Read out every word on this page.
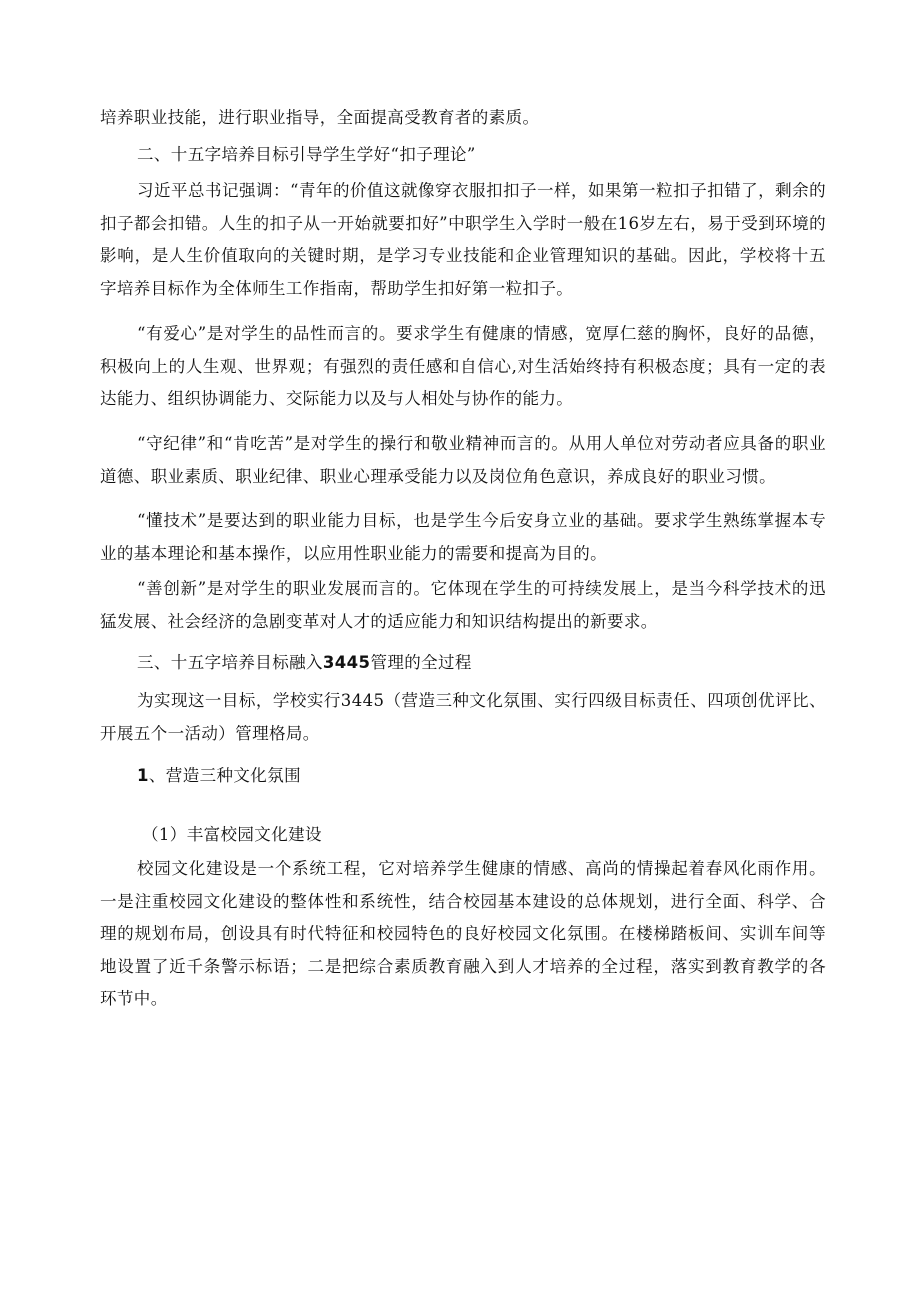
培养职业技能，进行职业指导，全面提高受教育者的素质。

二、十五字培养目标引导学生学好“扣子理论”

习近平总书记强调：“青年的价值这就像穿衣服扣扣子一样，如果第一粒扣子扣错了，剩余的扣子都会扣错。人生的扣子从一开始就要扣好”中职学生入学时一般在16岁左右，易于受到环境的影响，是人生价值取向的关键时期，是学习专业技能和企业管理知识的基础。因此，学校将十五字培养目标作为全体师生工作指南，帮助学生扣好第一粒扣子。

“有爱心”是对学生的品性而言的。要求学生有健康的情感，宽厚仁慈的胸怀，良好的品德，积极向上的人生观、世界观；有强烈的责任感和自信心,对生活始终持有积极态度；具有一定的表达能力、组织协调能力、交际能力以及与人相处与协作的能力。

“守纪律”和“肯吃苦”是对学生的操行和敬业精神而言的。从用人单位对劳动者应具备的职业道德、职业素质、职业纪律、职业心理承受能力以及岗位角色意识，养成良好的职业习惯。

“懂技术”是要达到的职业能力目标，也是学生今后安身立业的基础。要求学生熟练掌握本专业的基本理论和基本操作，以应用性职业能力的需要和提高为目的。

“善创新”是对学生的职业发展而言的。它体现在学生的可持续发展上，是当今科学技术的迅猛发展、社会经济的急剧变革对人才的适应能力和知识结构提出的新要求。

三、十五字培养目标融入3445管理的全过程

为实现这一目标，学校实行3445（营造三种文化氛围、实行四级目标责任、四项创优评比、开展五个一活动）管理格局。

1、营造三种文化氛围

（1）丰富校园文化建设

校园文化建设是一个系统工程，它对培养学生健康的情感、高尚的情操起着春风化雨作用。一是注重校园文化建设的整体性和系统性，结合校园基本建设的总体规划，进行全面、科学、合理的规划布局，创设具有时代特征和校园特色的良好校园文化氛围。在楼梯踏板间、实训车间等地设置了近千条警示标语；二是把综合素质教育融入到人才培养的全过程，落实到教育教学的各环节中。
